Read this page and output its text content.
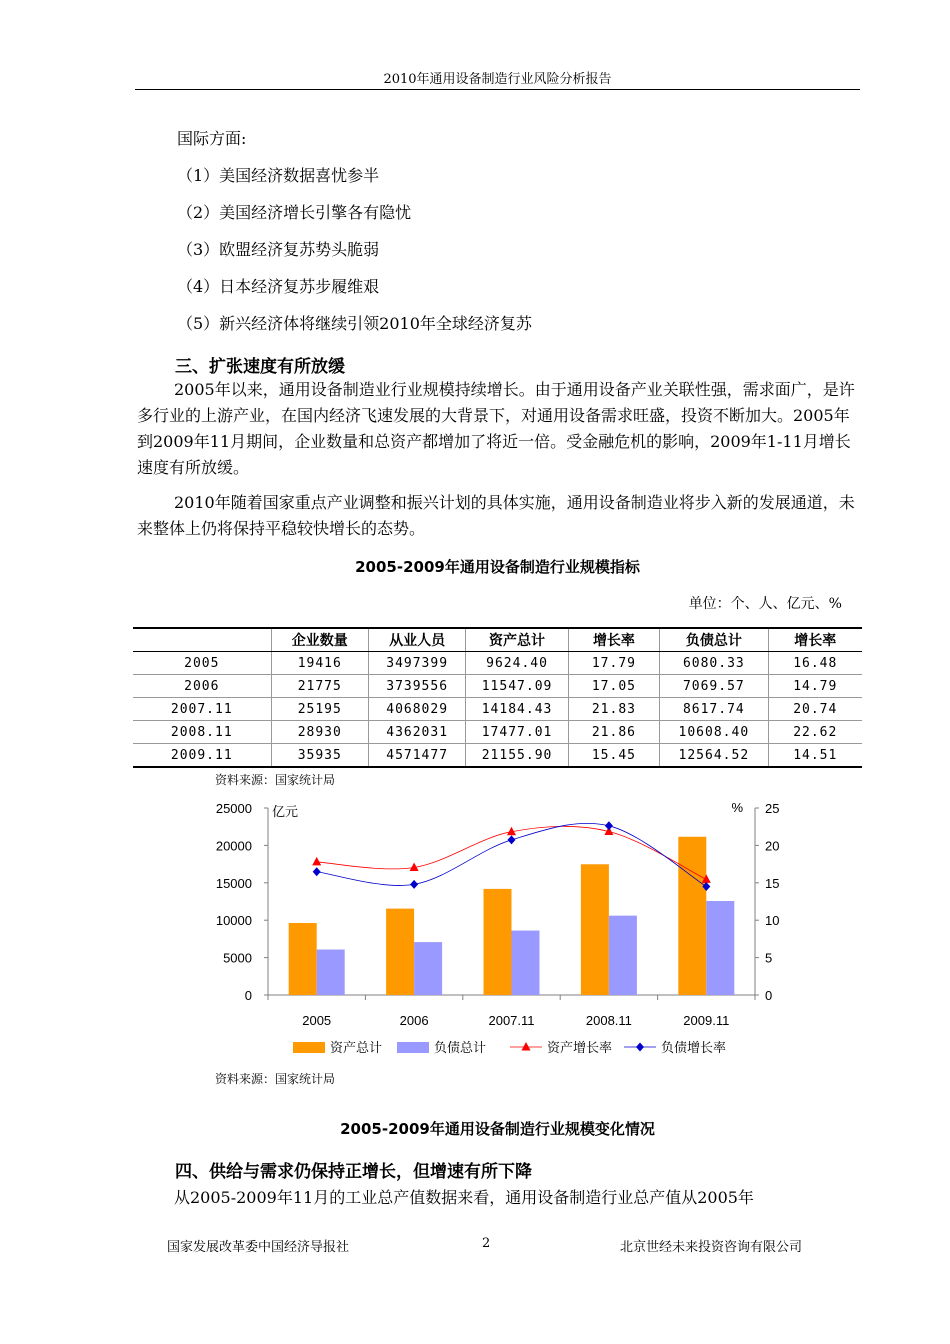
2010年通用设备制造行业风险分析报告
国际方面:
（1）美国经济数据喜忧参半
（2）美国经济增长引擎各有隐忧
（3）欧盟经济复苏势头脆弱
（4）日本经济复苏步履维艰
（5）新兴经济体将继续引领2010年全球经济复苏
三、扩张速度有所放缓
2005年以来，通用设备制造业行业规模持续增长。由于通用设备产业关联性强，需求面广，是许多行业的上游产业，在国内经济飞速发展的大背景下，对通用设备需求旺盛，投资不断加大。2005年到2009年11月期间，企业数量和总资产都增加了将近一倍。受金融危机的影响，2009年1-11月增长速度有所放缓。
2010年随着国家重点产业调整和振兴计划的具体实施，通用设备制造业将步入新的发展通道，未来整体上仍将保持平稳较快增长的态势。
2005-2009年通用设备制造行业规模指标
单位：个、人、亿元、%
	企业数量	从业人员	资产总计	增长率	负债总计	增长率
2005	19416	3497399	9624.40	17.79	6080.33	16.48
2006	21775	3739556	11547.09	17.05	7069.57	14.79
2007.11	25195	4068029	14184.43	21.83	8617.74	20.74
2008.11	28930	4362031	17477.01	21.86	10608.40	22.62
2009.11	35935	4571477	21155.90	15.45	12564.52	14.51
资料来源：国家统计局
0
5000
10000
15000
20000
25000
0
5
10
15
20
25
亿元	%
2005	2006	2007.11	2008.11	2009.11
资产总计	负债总计	资产增长率	负债增长率
资料来源：国家统计局
2005-2009年通用设备制造行业规模变化情况
四、供给与需求仍保持正增长，但增速有所下降
从2005-2009年11月的工业总产值数据来看，通用设备制造行业总产值从2005年
国家发展改革委中国经济导报社	2	北京世经未来投资咨询有限公司
